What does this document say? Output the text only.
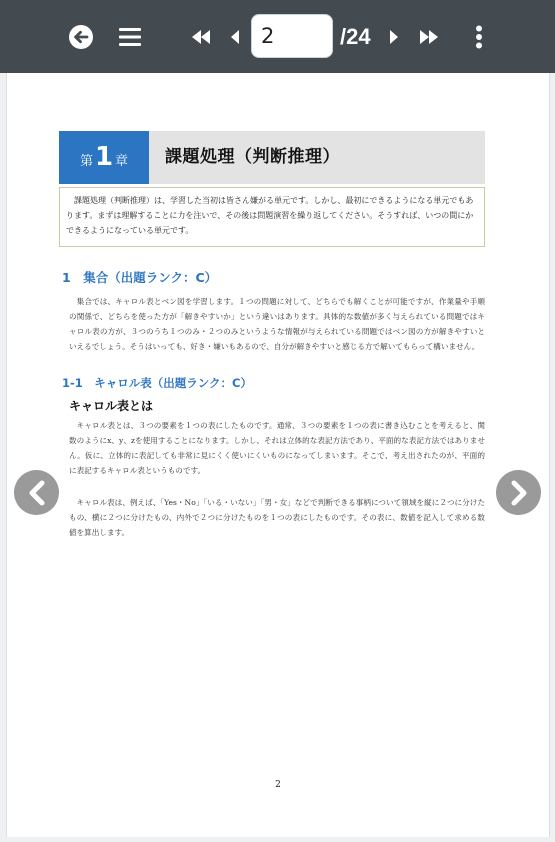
2
/24
第 1 章 課題処理（判断推理）
課題処理（判断推理）は、学習した当初は皆さん嫌がる単元です。しかし、最初にできるようになる単元でもあります。まずは理解することに力を注いで、その後は問題演習を繰り返してください。そうすれば、いつの間にかできるようになっている単元です。
1　集合（出題ランク：C）
集合では、キャロル表とベン図を学習します。１つの問題に対して、どちらでも解くことが可能ですが、作業量や手順の関係で、どちらを使った方が「解きやすいか」という違いはあります。具体的な数値が多く与えられている問題ではキャロル表の方が、３つのうち１つのみ・２つのみというような情報が与えられている問題ではベン図の方が解きやすいといえるでしょう。そうはいっても、好き・嫌いもあるので、自分が解きやすいと感じる方で解いてもらって構いません。
1-1　キャロル表（出題ランク：C）
キャロル表とは
キャロル表とは、３つの要素を１つの表にしたものです。通常、３つの要素を１つの表に書き込むことを考えると、関数のようにx、y、zを使用することになります。しかし、それは立体的な表記方法であり、平面的な表記方法ではありません。仮に、立体的に表記しても非常に見にくく使いにくいものになってしまいます。そこで、考え出されたのが、平面的に表記するキャロル表というものです。
キャロル表は、例えば、「Yes・No」「いる・いない」「男・女」などで判断できる事柄について領域を縦に２つに分けたもの、横に２つに分けたもの、内外で２つに分けたものを１つの表にしたものです。その表に、数値を記入して求める数値を算出します。
2
